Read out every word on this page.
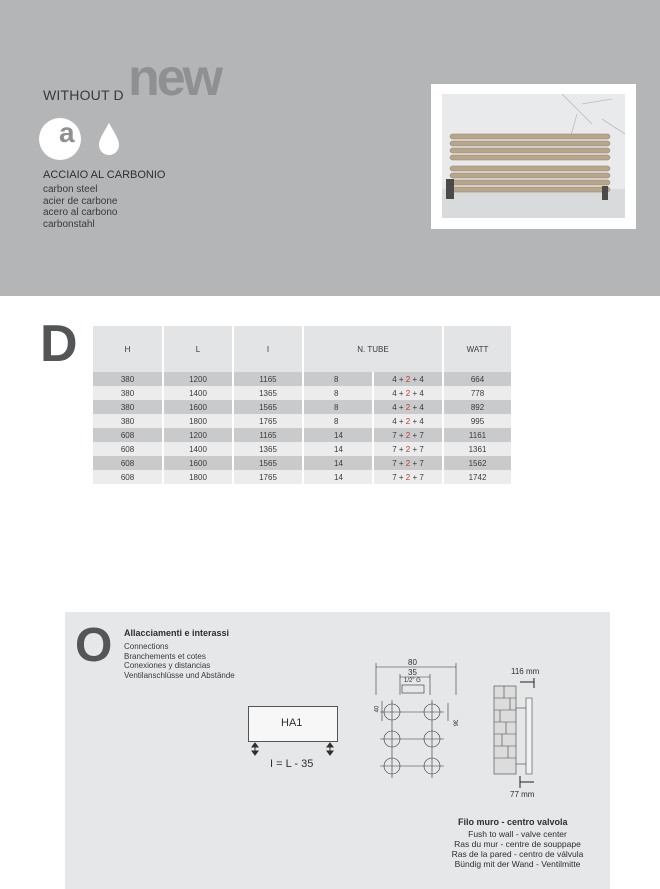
WITHOUT D new
a
ACCIAIO AL CARBONIO
carbon steel
acier de carbone
acero al carbono
carbonstahl
D	H	L	I	N. TUBE		WATT
380	1200	1165	8	4 + 2 + 4	664
380	1400	1365	8	4 + 2 + 4	778
380	1600	1565	8	4 + 2 + 4	892
380	1800	1765	8	4 + 2 + 4	995
608	1200	1165	14	7 + 2 + 7	1161
608	1400	1365	14	7 + 2 + 7	1361
608	1600	1565	14	7 + 2 + 7	1562
608	1800	1765	14	7 + 2 + 7	1742
O Allacciamenti e interassi
Connections
Branchements et cotes
Conexiones y distancias
Ventilanschlüsse und Abstände
HA1
I = L - 35
80
35
1/2" G
40
36
116 mm
77 mm
Filo muro - centro valvola
Fush to wall - valve center
Ras du mur - centre de souppape
Ras de la pared - centro de válvula
Bündig mit der Wand - Ventilmitte
